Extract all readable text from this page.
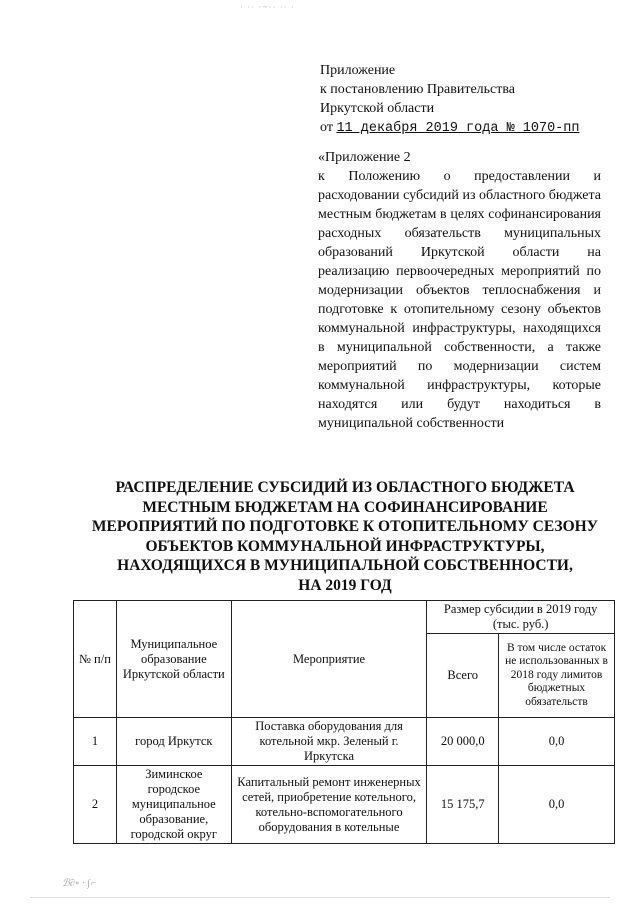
· ·· ·~·· ·· ·
Приложение
к постановлению Правительства
Иркутской области
от 11 декабря 2019 года № 1070-пп
«Приложение 2
к Положению о предоставлении и расходовании субсидий из областного бюджета местным бюджетам в целях софинансирования расходных обязательств муниципальных образований Иркутской области на реализацию первоочередных мероприятий по модернизации объектов теплоснабжения и подготовке к отопительному сезону объектов коммунальной инфраструктуры, находящихся в муниципальной собственности, а также мероприятий по модернизации систем коммунальной инфраструктуры, которые находятся или будут находиться в муниципальной собственности
РАСПРЕДЕЛЕНИЕ СУБСИДИЙ ИЗ ОБЛАСТНОГО БЮДЖЕТА
МЕСТНЫМ БЮДЖЕТАМ НА СОФИНАНСИРОВАНИЕ
МЕРОПРИЯТИЙ ПО ПОДГОТОВКЕ К ОТОПИТЕЛЬНОМУ СЕЗОНУ
ОБЪЕКТОВ КОММУНАЛЬНОЙ ИНФРАСТРУКТУРЫ,
НАХОДЯЩИХСЯ В МУНИЦИПАЛЬНОЙ СОБСТВЕННОСТИ,
НА 2019 ГОД
№ п/п	Муниципальное образование Иркутской области	Мероприятие	Размер субсидии в 2019 году (тыс. руб.)	
			Всего	В том числе остаток не использованных в 2018 году лимитов бюджетных обязательств
1	город Иркутск	Поставка оборудования для котельной мкр. Зеленый г. Иркутска	20 000,0	0,0
2	Зиминское городское муниципальное образование, городской округ	Капитальный ремонт инженерных сетей, приобретение котельного, котельно-вспомогательного оборудования в котельные	15 175,7	0,0
ℬ∂∘ · ∫⌐
